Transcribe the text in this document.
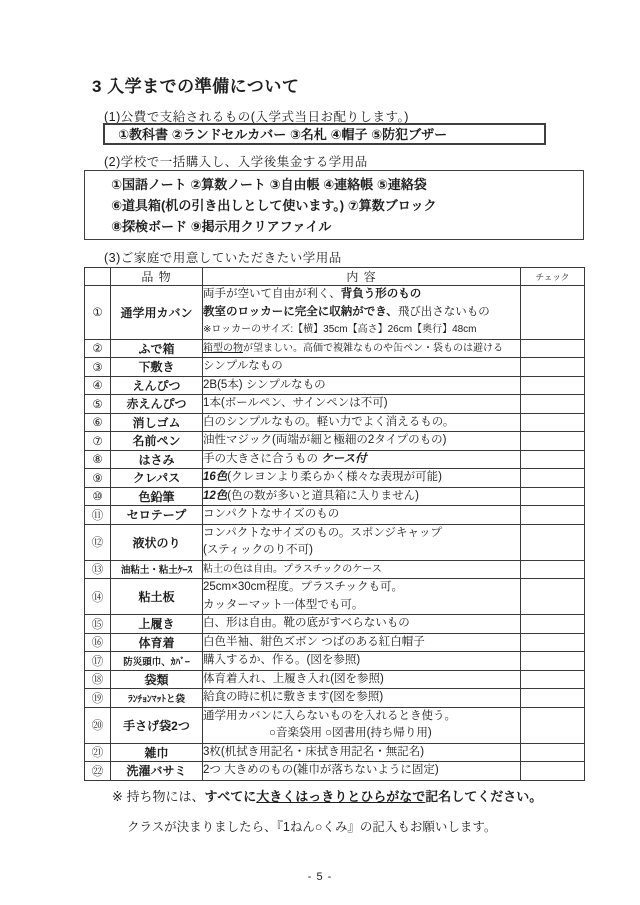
3 入学までの準備について
(1)公費で支給されるもの(入学式当日お配りします。)
①教科書 ②ランドセルカバー ③名札 ④帽子 ⑤防犯ブザー
(2)学校で一括購入し、入学後集金する学用品
①国語ノート ②算数ノート ③自由帳 ④連絡帳 ⑤連絡袋
⑥道具箱(机の引き出しとして使います。) ⑦算数ブロック
⑧探検ボード ⑨掲示用クリアファイル
(3)ご家庭で用意していただきたい学用品
	品 物	内 容	チェック
①	通学用カバン	両手が空いて自由が利く、背負う形のもの
教室のロッカーに完全に収納ができ、飛び出さないもの
※ロッカーのサイズ:【横】35cm【高さ】26cm【奥行】48cm	

②	ふで箱	箱型の物が望ましい。高価で複雑なものや缶ペン・袋ものは避ける	

③	下敷き	シンプルなもの	

④	えんぴつ	2B(5本) シンプルなもの	

⑤	赤えんぴつ	1本(ボールペン、サインペンは不可)	

⑥	消しゴム	白のシンプルなもの。軽い力でよく消えるもの。	

⑦	名前ペン	油性マジック(両端が細と極細の2タイプのもの)	

⑧	はさみ	手の大きさに合うもの ケース付	

⑨	クレパス	16色(クレヨンより柔らかく様々な表現が可能)	

⑩	色鉛筆	12色(色の数が多いと道具箱に入りません)	

⑪	セロテープ	コンパクトなサイズのもの	

⑫	液状のり	コンパクトなサイズのもの。スポンジキャップ
(スティックのり不可)	

⑬	油粘土・粘土ｹｰｽ	粘土の色は自由。プラスチックのケース	

⑭	粘土板	25cm×30cm程度。プラスチックも可。
カッターマット一体型でも可。	

⑮	上履き	白、形は自由。靴の底がすべらないもの	

⑯	体育着	白色半袖、紺色ズボン つばのある紅白帽子	

⑰	防災頭巾、ｶﾊﾞｰ	購入するか、作る。(図を参照)	

⑱	袋類	体育着入れ、上履き入れ(図を参照)	

⑲	ﾗﾝﾁｮﾝﾏｯﾄと袋	給食の時に机に敷きます(図を参照)	

⑳	手さげ袋2つ	通学用カバンに入らないものを入れるとき使う。
○音楽袋用 ○図書用(持ち帰り用)	

㉑	雑巾	3枚(机拭き用記名・床拭き用記名・無記名)	

㉒	洗濯バサミ	2つ 大きめのもの(雑巾が落ちないように固定)	

※ 持ち物には、すべてに大きくはっきりとひらがなで記名してください。
クラスが決まりましたら、『1ねん○くみ』の記入もお願いします。
- 5 -
